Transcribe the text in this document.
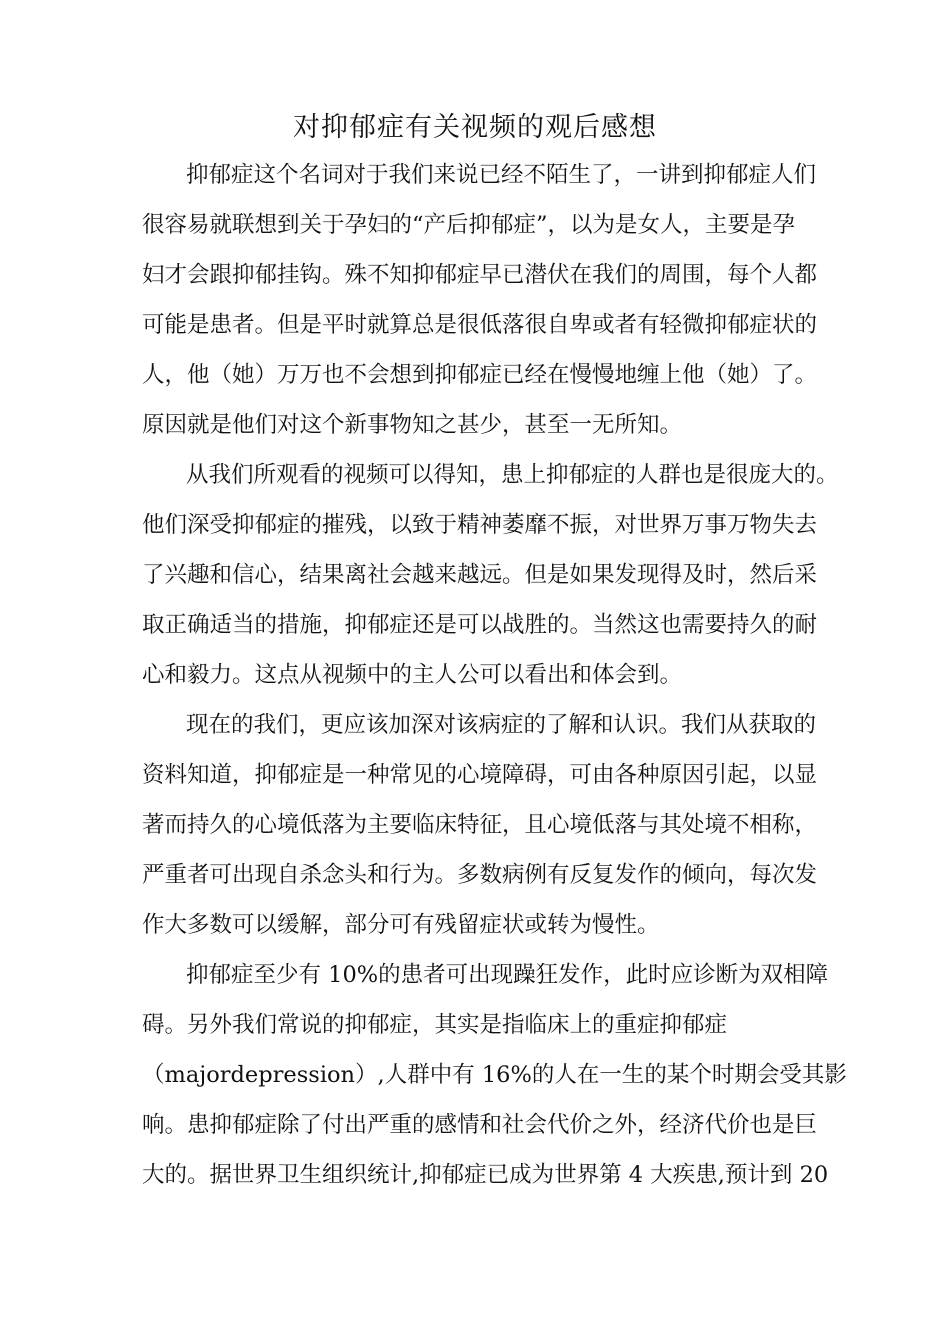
对抑郁症有关视频的观后感想
抑郁症这个名词对于我们来说已经不陌生了，一讲到抑郁症人们
很容易就联想到关于孕妇的“产后抑郁症”，以为是女人，主要是孕
妇才会跟抑郁挂钩。殊不知抑郁症早已潜伏在我们的周围，每个人都
可能是患者。但是平时就算总是很低落很自卑或者有轻微抑郁症状的
人，他（她）万万也不会想到抑郁症已经在慢慢地缠上他（她）了。
原因就是他们对这个新事物知之甚少，甚至一无所知。
从我们所观看的视频可以得知，患上抑郁症的人群也是很庞大的。
他们深受抑郁症的摧残，以致于精神萎靡不振，对世界万事万物失去
了兴趣和信心，结果离社会越来越远。但是如果发现得及时，然后采
取正确适当的措施，抑郁症还是可以战胜的。当然这也需要持久的耐
心和毅力。这点从视频中的主人公可以看出和体会到。
现在的我们，更应该加深对该病症的了解和认识。我们从获取的
资料知道，抑郁症是一种常见的心境障碍，可由各种原因引起，以显
著而持久的心境低落为主要临床特征，且心境低落与其处境不相称，
严重者可出现自杀念头和行为。多数病例有反复发作的倾向，每次发
作大多数可以缓解，部分可有残留症状或转为慢性。
抑郁症至少有 10%的患者可出现躁狂发作，此时应诊断为双相障
碍。另外我们常说的抑郁症，其实是指临床上的重症抑郁症
（majordepression）,人群中有 16%的人在一生的某个时期会受其影
响。患抑郁症除了付出严重的感情和社会代价之外，经济代价也是巨
大的。据世界卫生组织统计,抑郁症已成为世界第 4 大疾患,预计到 20
